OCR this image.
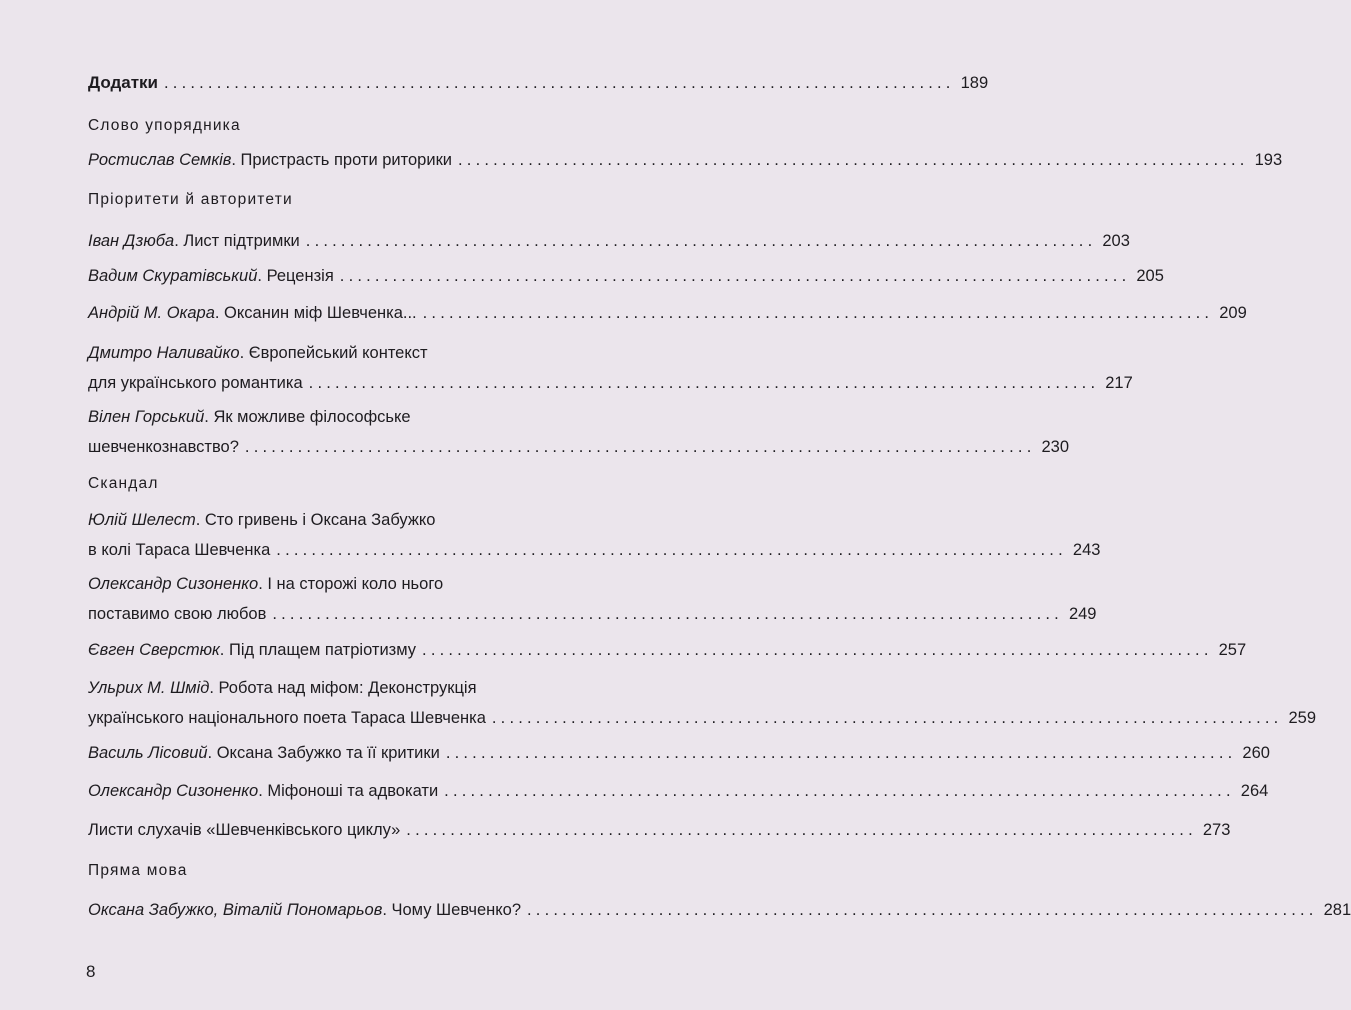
Додатки .......................................................................................... 189
Слово упорядника
Ростислав Семків. Пристрасть проти риторики .......................................................................................... 193
Пріоритети й авторитети
Іван Дзюба. Лист підтримки .......................................................................................... 203
Вадим Скуратівський. Рецензія .......................................................................................... 205
Андрій М. Окара. Оксанин міф Шевченка... .......................................................................................... 209
Дмитро Наливайко. Європейський контекст
для українського романтика .......................................................................................... 217
Вілен Горський. Як можливе філософське
шевченкознавство? .......................................................................................... 230
Скандал
Юлій Шелест. Сто гривень і Оксана Забужко
в колі Тараса Шевченка .......................................................................................... 243
Олександр Сизоненко. І на сторожі коло нього
поставимо свою любов .......................................................................................... 249
Євген Сверстюк. Під плащем патріотизму .......................................................................................... 257
Ульрих М. Шмід. Робота над міфом: Деконструкція
українського національного поета Тараса Шевченка .......................................................................................... 259
Василь Лісовий. Оксана Забужко та її критики .......................................................................................... 260
Олександр Сизоненко. Міфоноші та адвокати .......................................................................................... 264
Листи слухачів «Шевченківського циклу» .......................................................................................... 273
Пряма мова
Оксана Забужко, Віталій Пономарьов. Чому Шевченко? .......................................................................................... 281
8
